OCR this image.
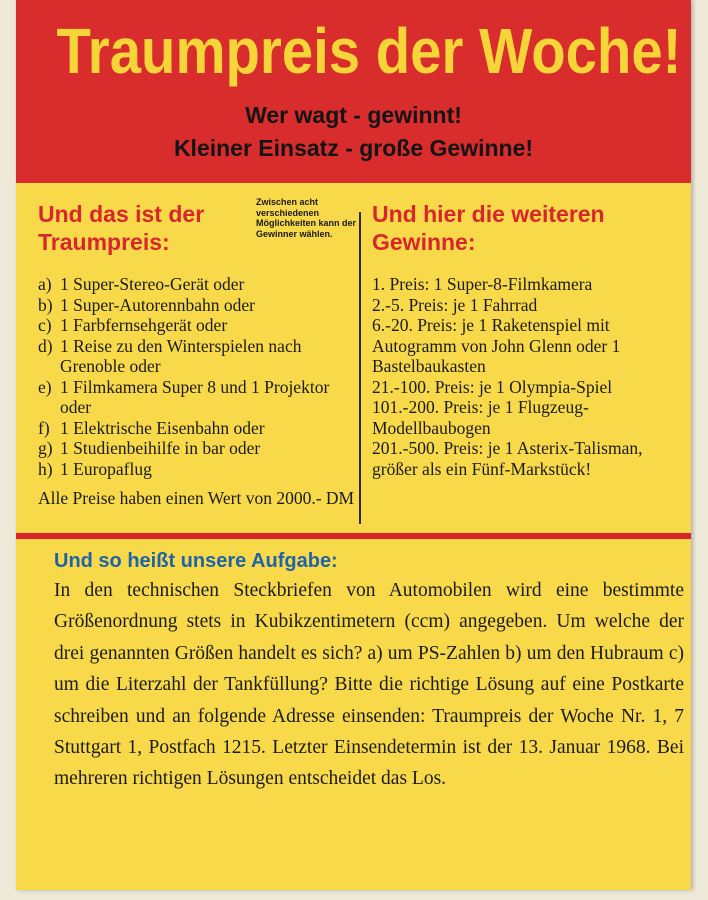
Traumpreis der Woche!

Wer wagt - gewinnt!

Kleiner Einsatz - große Gewinne!

Und das ist der Traumpreis:

Zwischen acht verschiedenen Möglichkeiten kann der Gewinner wählen.

a) 1 Super-Stereo-Gerät oder
b) 1 Super-Autorennbahn oder
c) 1 Farbfernsehgerät oder
d) 1 Reise zu den Winterspielen nach Grenoble oder
e) 1 Filmkamera Super 8 und 1 Projektor oder
f) 1 Elektrische Eisenbahn oder
g) 1 Studienbeihilfe in bar oder
h) 1 Europaflug

Alle Preise haben einen Wert von 2000.- DM

Und hier die weiteren Gewinne:
1. Preis: 1 Super-8-Filmkamera
2.-5. Preis: je 1 Fahrrad
6.-20. Preis: je 1 Raketenspiel mit Autogramm von John Glenn oder 1 Bastelbaukasten
21.-100. Preis: je 1 Olympia-Spiel
101.-200. Preis: je 1 Flugzeug-Modellbaubogen
201.-500. Preis: je 1 Asterix-Talisman, größer als ein Fünf-Markstück!
Und so heißt unsere Aufgabe:

In den technischen Steckbriefen von Automobilen wird eine bestimmte Größenordnung stets in Kubikzentimetern (ccm) angegeben. Um welche der drei genannten Größen handelt es sich? a) um PS-Zahlen b) um den Hubraum c) um die Literzahl der Tankfüllung? Bitte die richtige Lösung auf eine Postkarte schreiben und an folgende Adresse einsenden: Traumpreis der Woche Nr. 1, 7 Stuttgart 1, Postfach 1215. Letzter Einsendetermin ist der 13. Januar 1968. Bei mehreren richtigen Lösungen entscheidet das Los.
